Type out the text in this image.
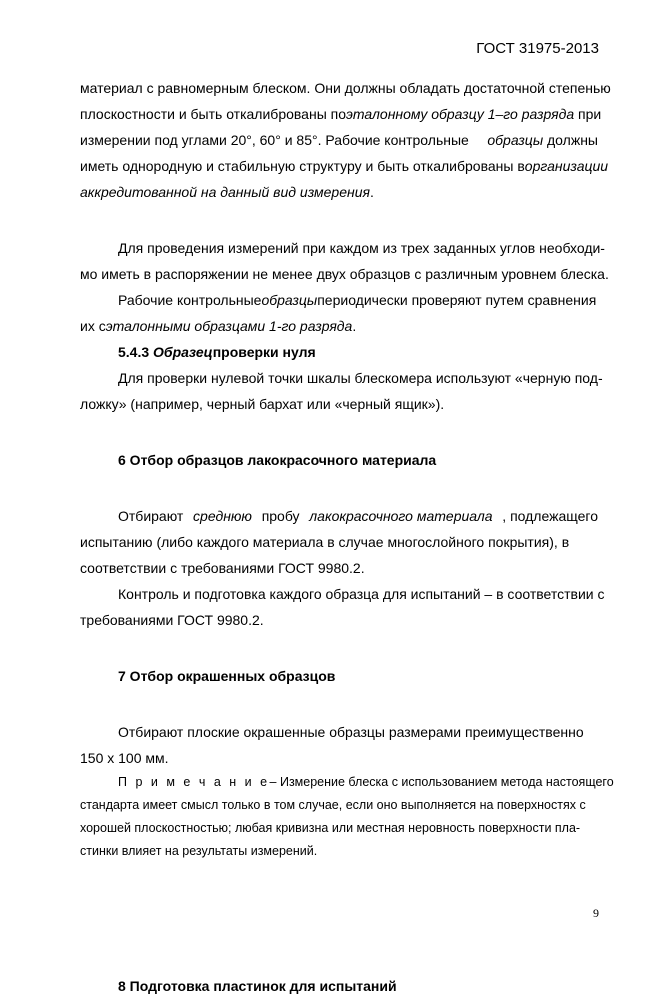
ГОСТ 31975-2013
материал с равномерным блеском. Они должны обладать достаточной степенью
плоскостности и быть откалиброваны по эталонному образцу 1–го разряда при
измерении под углами 20°, 60° и 85°. Рабочие контрольные образцы должны
иметь однородную и стабильную структуру и быть откалиброваны в организации
аккредитованной на данный вид измерения .
Для проведения измерений при каждом из трех заданных углов необходи-
мо иметь в распоряжении не менее двух образцов с различным уровнем блеска.
Рабочие контрольные образцы периодически проверяют путем сравнения
их с эталонными образцами 1-го разряда .
5.4.3
Образец проверки нуля
Для проверки нулевой точки шкалы блескомера используют «черную под-
ложку» (например, черный бархат или «черный ящик»).
6 Отбор образцов лакокрасочного материала
Отбирают среднюю пробу лакокрасочного материала , подлежащего
испытанию (либо каждого материала в случае многослойного покрытия), в
соответствии с требованиями ГОСТ 9980.2.
Контроль и подготовка каждого образца для испытаний – в соответствии с
требованиями ГОСТ 9980.2.
7 Отбор окрашенных образцов
Отбирают плоские окрашенные образцы размерами преимущественно
150 х 100 мм.
П р и м е ч а н и е – Измерение блеска с использованием метода настоящего
стандарта имеет смысл только в том случае, если оно выполняется на поверхностях с
хорошей плоскостностью; любая кривизна или местная неровность поверхности пла-
стинки влияет на результаты измерений.
8 Подготовка пластинок для испытаний
9
